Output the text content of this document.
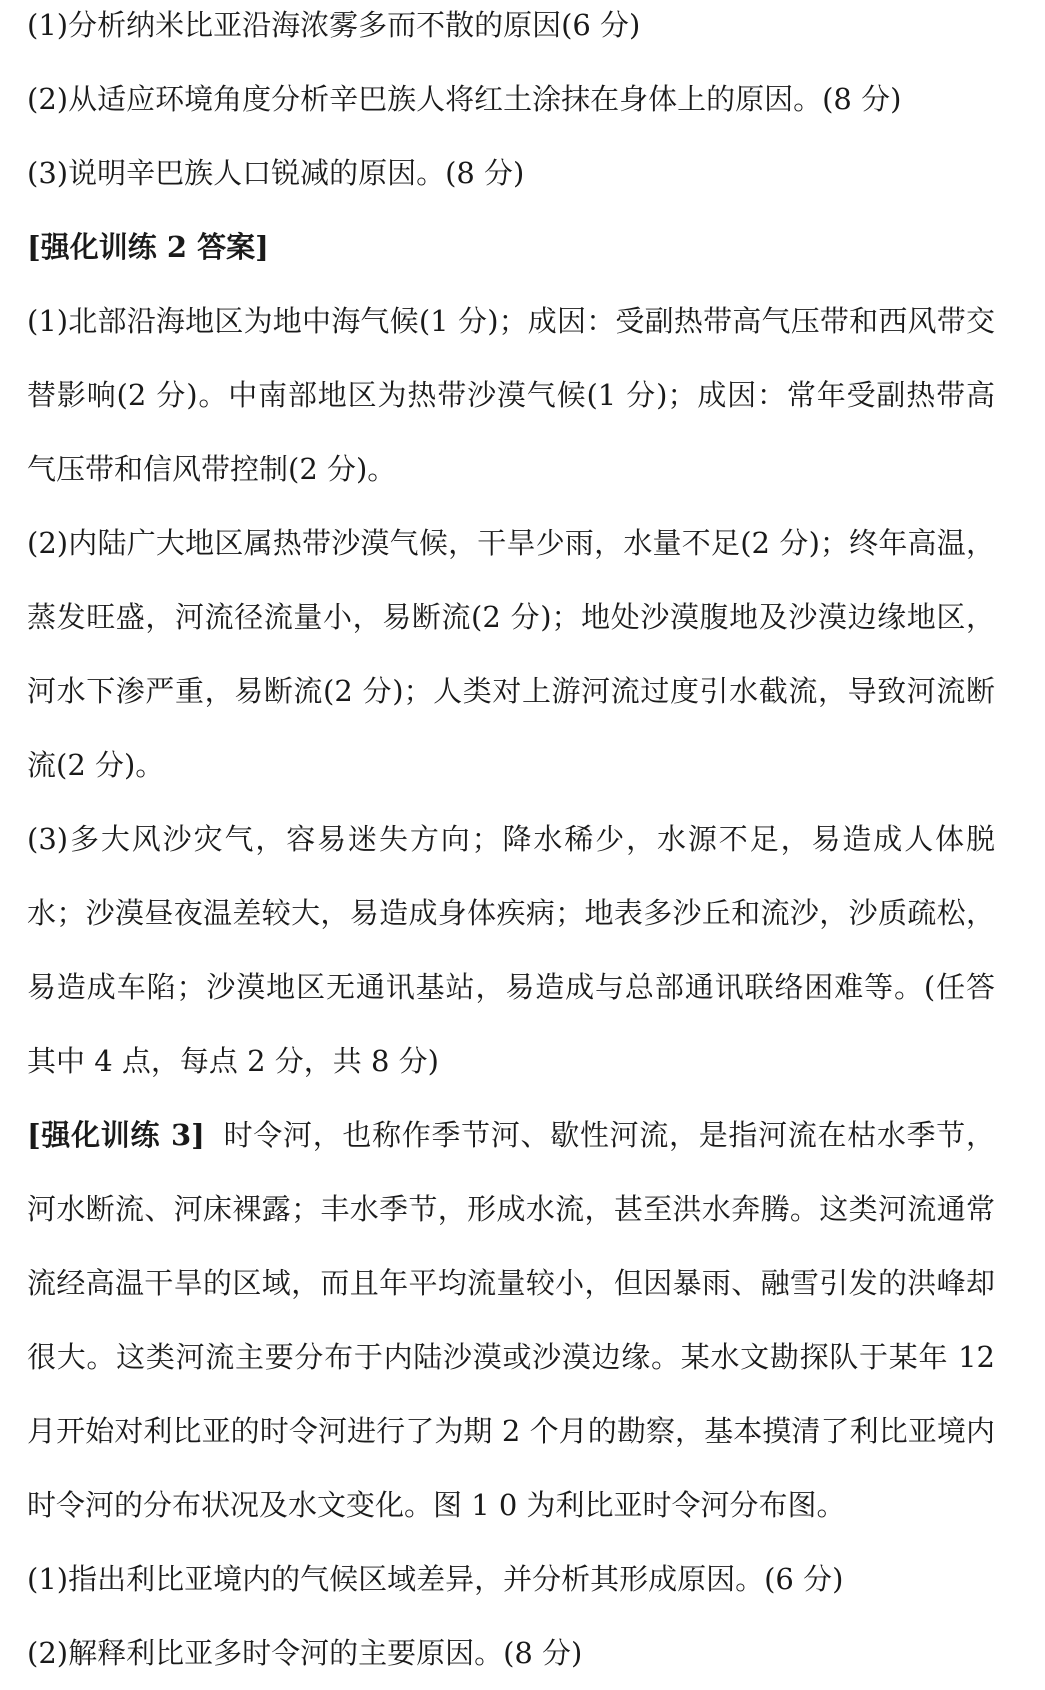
(1)分析纳米比亚沿海浓雾多而不散的原因(6 分)

(2)从适应环境角度分析辛巴族人将红土涂抹在身体上的原因。(8 分)

(3)说明辛巴族人口锐减的原因。(8 分)

[强化训练 2 答案]

(1)北部沿海地区为地中海气候(1 分)；成因：受副热带高气压带和西风带交替影响(2 分)。中南部地区为热带沙漠气候(1 分)；成因：常年受副热带高气压带和信风带控制(2 分)。

(2)内陆广大地区属热带沙漠气候，干旱少雨，水量不足(2 分)；终年高温，蒸发旺盛，河流径流量小，易断流(2 分)；地处沙漠腹地及沙漠边缘地区，河水下渗严重，易断流(2 分)；人类对上游河流过度引水截流，导致河流断流(2 分)。

(3)多大风沙灾气，容易迷失方向；降水稀少，水源不足，易造成人体脱水；沙漠昼夜温差较大，易造成身体疾病；地表多沙丘和流沙，沙质疏松，易造成车陷；沙漠地区无通讯基站，易造成与总部通讯联络困难等。(任答其中 4 点，每点 2 分，共 8 分)

[强化训练 3] 时令河，也称作季节河、歇性河流，是指河流在枯水季节，河水断流、河床裸露；丰水季节，形成水流，甚至洪水奔腾。这类河流通常流经高温干旱的区域，而且年平均流量较小，但因暴雨、融雪引发的洪峰却很大。这类河流主要分布于内陆沙漠或沙漠边缘。某水文勘探队于某年 12 月开始对利比亚的时令河进行了为期 2 个月的勘察，基本摸清了利比亚境内时令河的分布状况及水文变化。图 1 0 为利比亚时令河分布图。

(1)指出利比亚境内的气候区域差异，并分析其形成原因。(6 分)

(2)解释利比亚多时令河的主要原因。(8 分)
